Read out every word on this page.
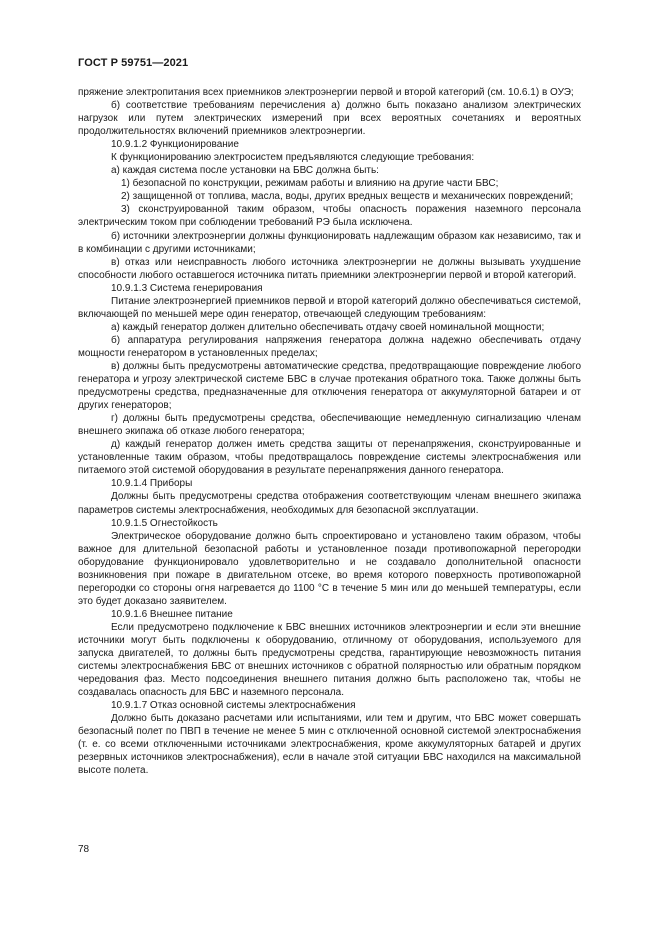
ГОСТ Р 59751—2021

пряжение электропитания всех приемников электроэнергии первой и второй категорий (см. 10.6.1) в ОУЭ;

б) соответствие требованиям перечисления а) должно быть показано анализом электрических нагрузок или путем электрических измерений при всех вероятных сочетаниях и вероятных продолжительностях включений приемников электроэнергии.

10.9.1.2 Функционирование

К функционированию электросистем предъявляются следующие требования:

а) каждая система после установки на БВС должна быть:

1) безопасной по конструкции, режимам работы и влиянию на другие части БВС;

2) защищенной от топлива, масла, воды, других вредных веществ и механических повреждений;

3) сконструированной таким образом, чтобы опасность поражения наземного персонала электрическим током при соблюдении требований РЭ была исключена.

б) источники электроэнергии должны функционировать надлежащим образом как независимо, так и в комбинации с другими источниками;

в) отказ или неисправность любого источника электроэнергии не должны вызывать ухудшение способности любого оставшегося источника питать приемники электроэнергии первой и второй категорий.

10.9.1.3 Система генерирования

Питание электроэнергией приемников первой и второй категорий должно обеспечиваться системой, включающей по меньшей мере один генератор, отвечающей следующим требованиям:

а) каждый генератор должен длительно обеспечивать отдачу своей номинальной мощности;

б) аппаратура регулирования напряжения генератора должна надежно обеспечивать отдачу мощности генератором в установленных пределах;

в) должны быть предусмотрены автоматические средства, предотвращающие повреждение любого генератора и угрозу электрической системе БВС в случае протекания обратного тока. Также должны быть предусмотрены средства, предназначенные для отключения генератора от аккумуляторной батареи и от других генераторов;

г) должны быть предусмотрены средства, обеспечивающие немедленную сигнализацию членам внешнего экипажа об отказе любого генератора;

д) каждый генератор должен иметь средства защиты от перенапряжения, сконструированные и установленные таким образом, чтобы предотвращалось повреждение системы электроснабжения или питаемого этой системой оборудования в результате перенапряжения данного генератора.

10.9.1.4 Приборы

Должны быть предусмотрены средства отображения соответствующим членам внешнего экипажа параметров системы электроснабжения, необходимых для безопасной эксплуатации.

10.9.1.5 Огнестойкость

Электрическое оборудование должно быть спроектировано и установлено таким образом, чтобы важное для длительной безопасной работы и установленное позади противопожарной перегородки оборудование функционировало удовлетворительно и не создавало дополнительной опасности возникновения при пожаре в двигательном отсеке, во время которого поверхность противопожарной перегородки со стороны огня нагревается до 1100 °С в течение 5 мин или до меньшей температуры, если это будет доказано заявителем.

10.9.1.6 Внешнее питание

Если предусмотрено подключение к БВС внешних источников электроэнергии и если эти внешние источники могут быть подключены к оборудованию, отличному от оборудования, используемого для запуска двигателей, то должны быть предусмотрены средства, гарантирующие невозможность питания системы электроснабжения БВС от внешних источников с обратной полярностью или обратным порядком чередования фаз. Место подсоединения внешнего питания должно быть расположено так, чтобы не создавалась опасность для БВС и наземного персонала.

10.9.1.7 Отказ основной системы электроснабжения

Должно быть доказано расчетами или испытаниями, или тем и другим, что БВС может совершать безопасный полет по ПВП в течение не менее 5 мин с отключенной основной системой электроснабжения (т. е. со всеми отключенными источниками электроснабжения, кроме аккумуляторных батарей и других резервных источников электроснабжения), если в начале этой ситуации БВС находился на максимальной высоте полета.

78
